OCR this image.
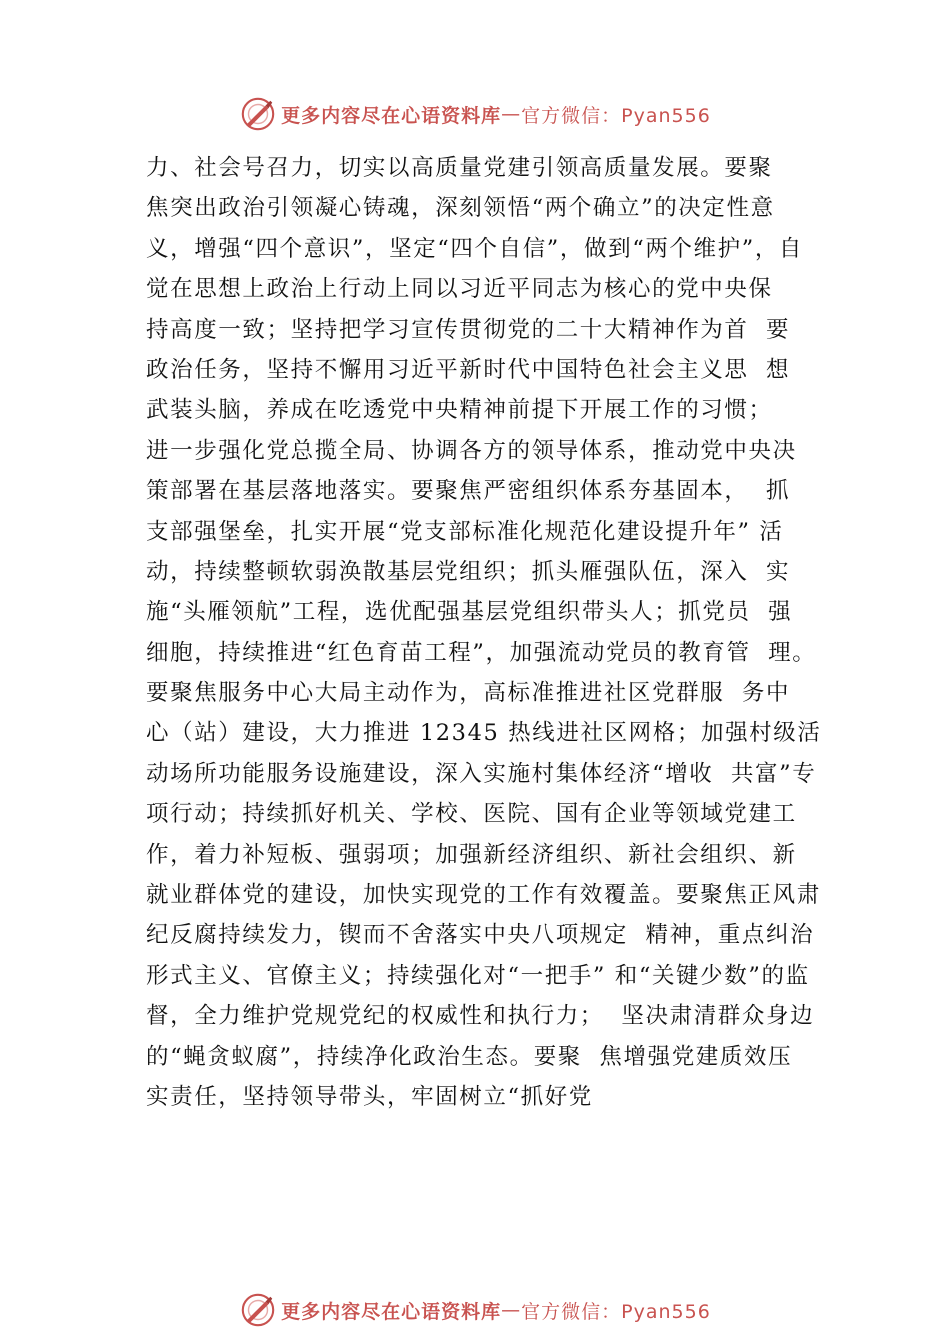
更多内容尽在心语资料库 — 官方微信：Pyan556
力、社会号召力，切实以高质量党建引领高质量发展。要聚
焦突出政治引领凝心铸魂，深刻领悟“两个确立”的决定性意
义，增强“四个意识”，坚定“四个自信”，做到“两个维护”，自
觉在思想上政治上行动上同以习近平同志为核心的党中央保
持高度一致；坚持把学习宣传贯彻党的二十大精神作为首  要
政治任务，坚持不懈用习近平新时代中国特色社会主义思  想
武装头脑，养成在吃透党中央精神前提下开展工作的习惯；
进一步强化党总揽全局、协调各方的领导体系，推动党中央决
策部署在基层落地落实。要聚焦严密组织体系夯基固本，  抓
支部强堡垒，扎实开展“党支部标准化规范化建设提升年” 活
动，持续整顿软弱涣散基层党组织；抓头雁强队伍，深入  实
施“头雁领航”工程，选优配强基层党组织带头人；抓党员  强
细胞，持续推进“红色育苗工程”，加强流动党员的教育管  理。
要聚焦服务中心大局主动作为，高标准推进社区党群服  务中
心（站）建设，大力推进 12345 热线进社区网格；加强村级活
动场所功能服务设施建设，深入实施村集体经济“增收  共富”专
项行动；持续抓好机关、学校、医院、国有企业等领域党建工
作，着力补短板、强弱项；加强新经济组织、新社会组织、新
就业群体党的建设，加快实现党的工作有效覆盖。要聚焦正风肃
纪反腐持续发力，锲而不舍落实中央八项规定  精神，重点纠治
形式主义、官僚主义；持续强化对“一把手” 和“关键少数”的监
督，全力维护党规党纪的权威性和执行力；  坚决肃清群众身边
的“蝇贪蚁腐”，持续净化政治生态。要聚  焦增强党建质效压
实责任，坚持领导带头，牢固树立“抓好党
更多内容尽在心语资料库 — 官方微信：Pyan556
